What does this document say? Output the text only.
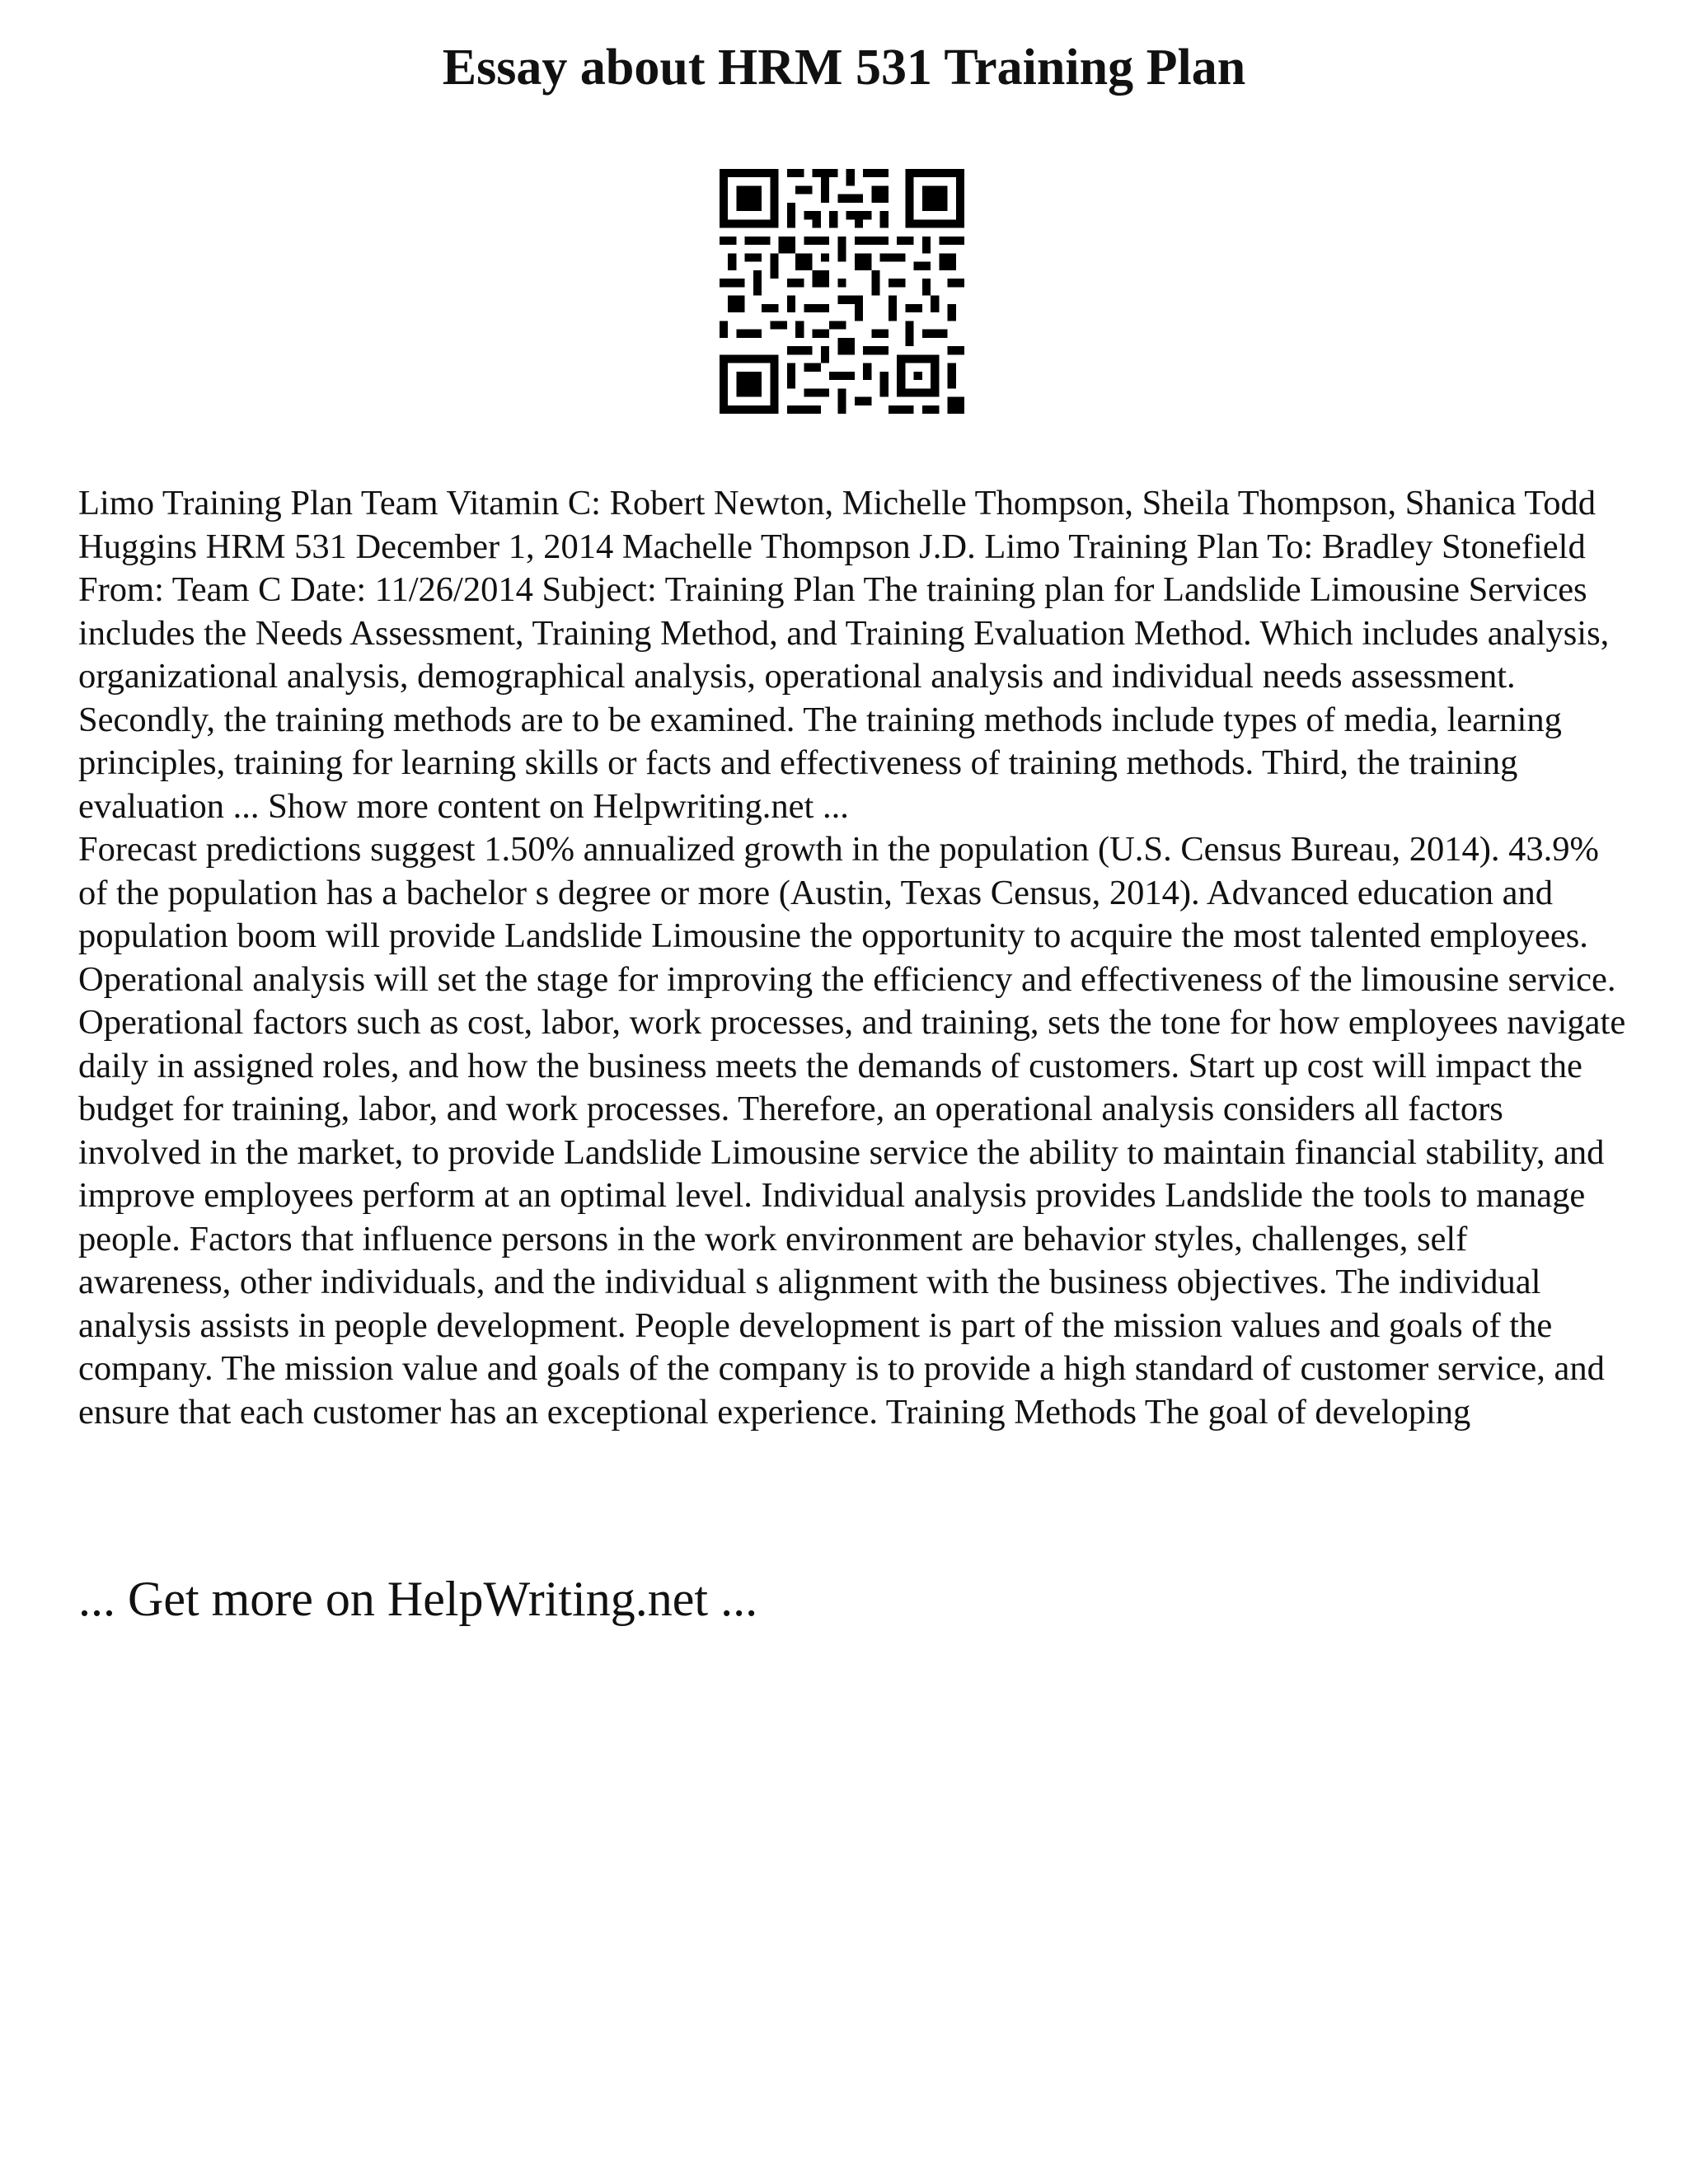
Essay about HRM 531 Training Plan

Limo Training Plan Team Vitamin C: Robert Newton, Michelle Thompson, Sheila Thompson, Shanica Todd Huggins HRM 531 December 1, 2014 Machelle Thompson J.D. Limo Training Plan To: Bradley Stonefield From: Team C Date: 11/26/2014 Subject: Training Plan The training plan for Landslide Limousine Services includes the Needs Assessment, Training Method, and Training Evaluation Method. Which includes analysis, organizational analysis, demographical analysis, operational analysis and individual needs assessment. Secondly, the training methods are to be examined. The training methods include types of media, learning principles, training for learning skills or facts and effectiveness of training methods. Third, the training evaluation ... Show more content on Helpwriting.net ...

Forecast predictions suggest 1.50% annualized growth in the population (U.S. Census Bureau, 2014). 43.9% of the population has a bachelor s degree or more (Austin, Texas Census, 2014). Advanced education and population boom will provide Landslide Limousine the opportunity to acquire the most talented employees. Operational analysis will set the stage for improving the efficiency and effectiveness of the limousine service. Operational factors such as cost, labor, work processes, and training, sets the tone for how employees navigate daily in assigned roles, and how the business meets the demands of customers. Start up cost will impact the budget for training, labor, and work processes. Therefore, an operational analysis considers all factors involved in the market, to provide Landslide Limousine service the ability to maintain financial stability, and improve employees perform at an optimal level. Individual analysis provides Landslide the tools to manage people. Factors that influence persons in the work environment are behavior styles, challenges, self awareness, other individuals, and the individual s alignment with the business objectives. The individual analysis assists in people development. People development is part of the mission values and goals of the company. The mission value and goals of the company is to provide a high standard of customer service, and ensure that each customer has an exceptional experience. Training Methods The goal of developing

... Get more on HelpWriting.net ...
